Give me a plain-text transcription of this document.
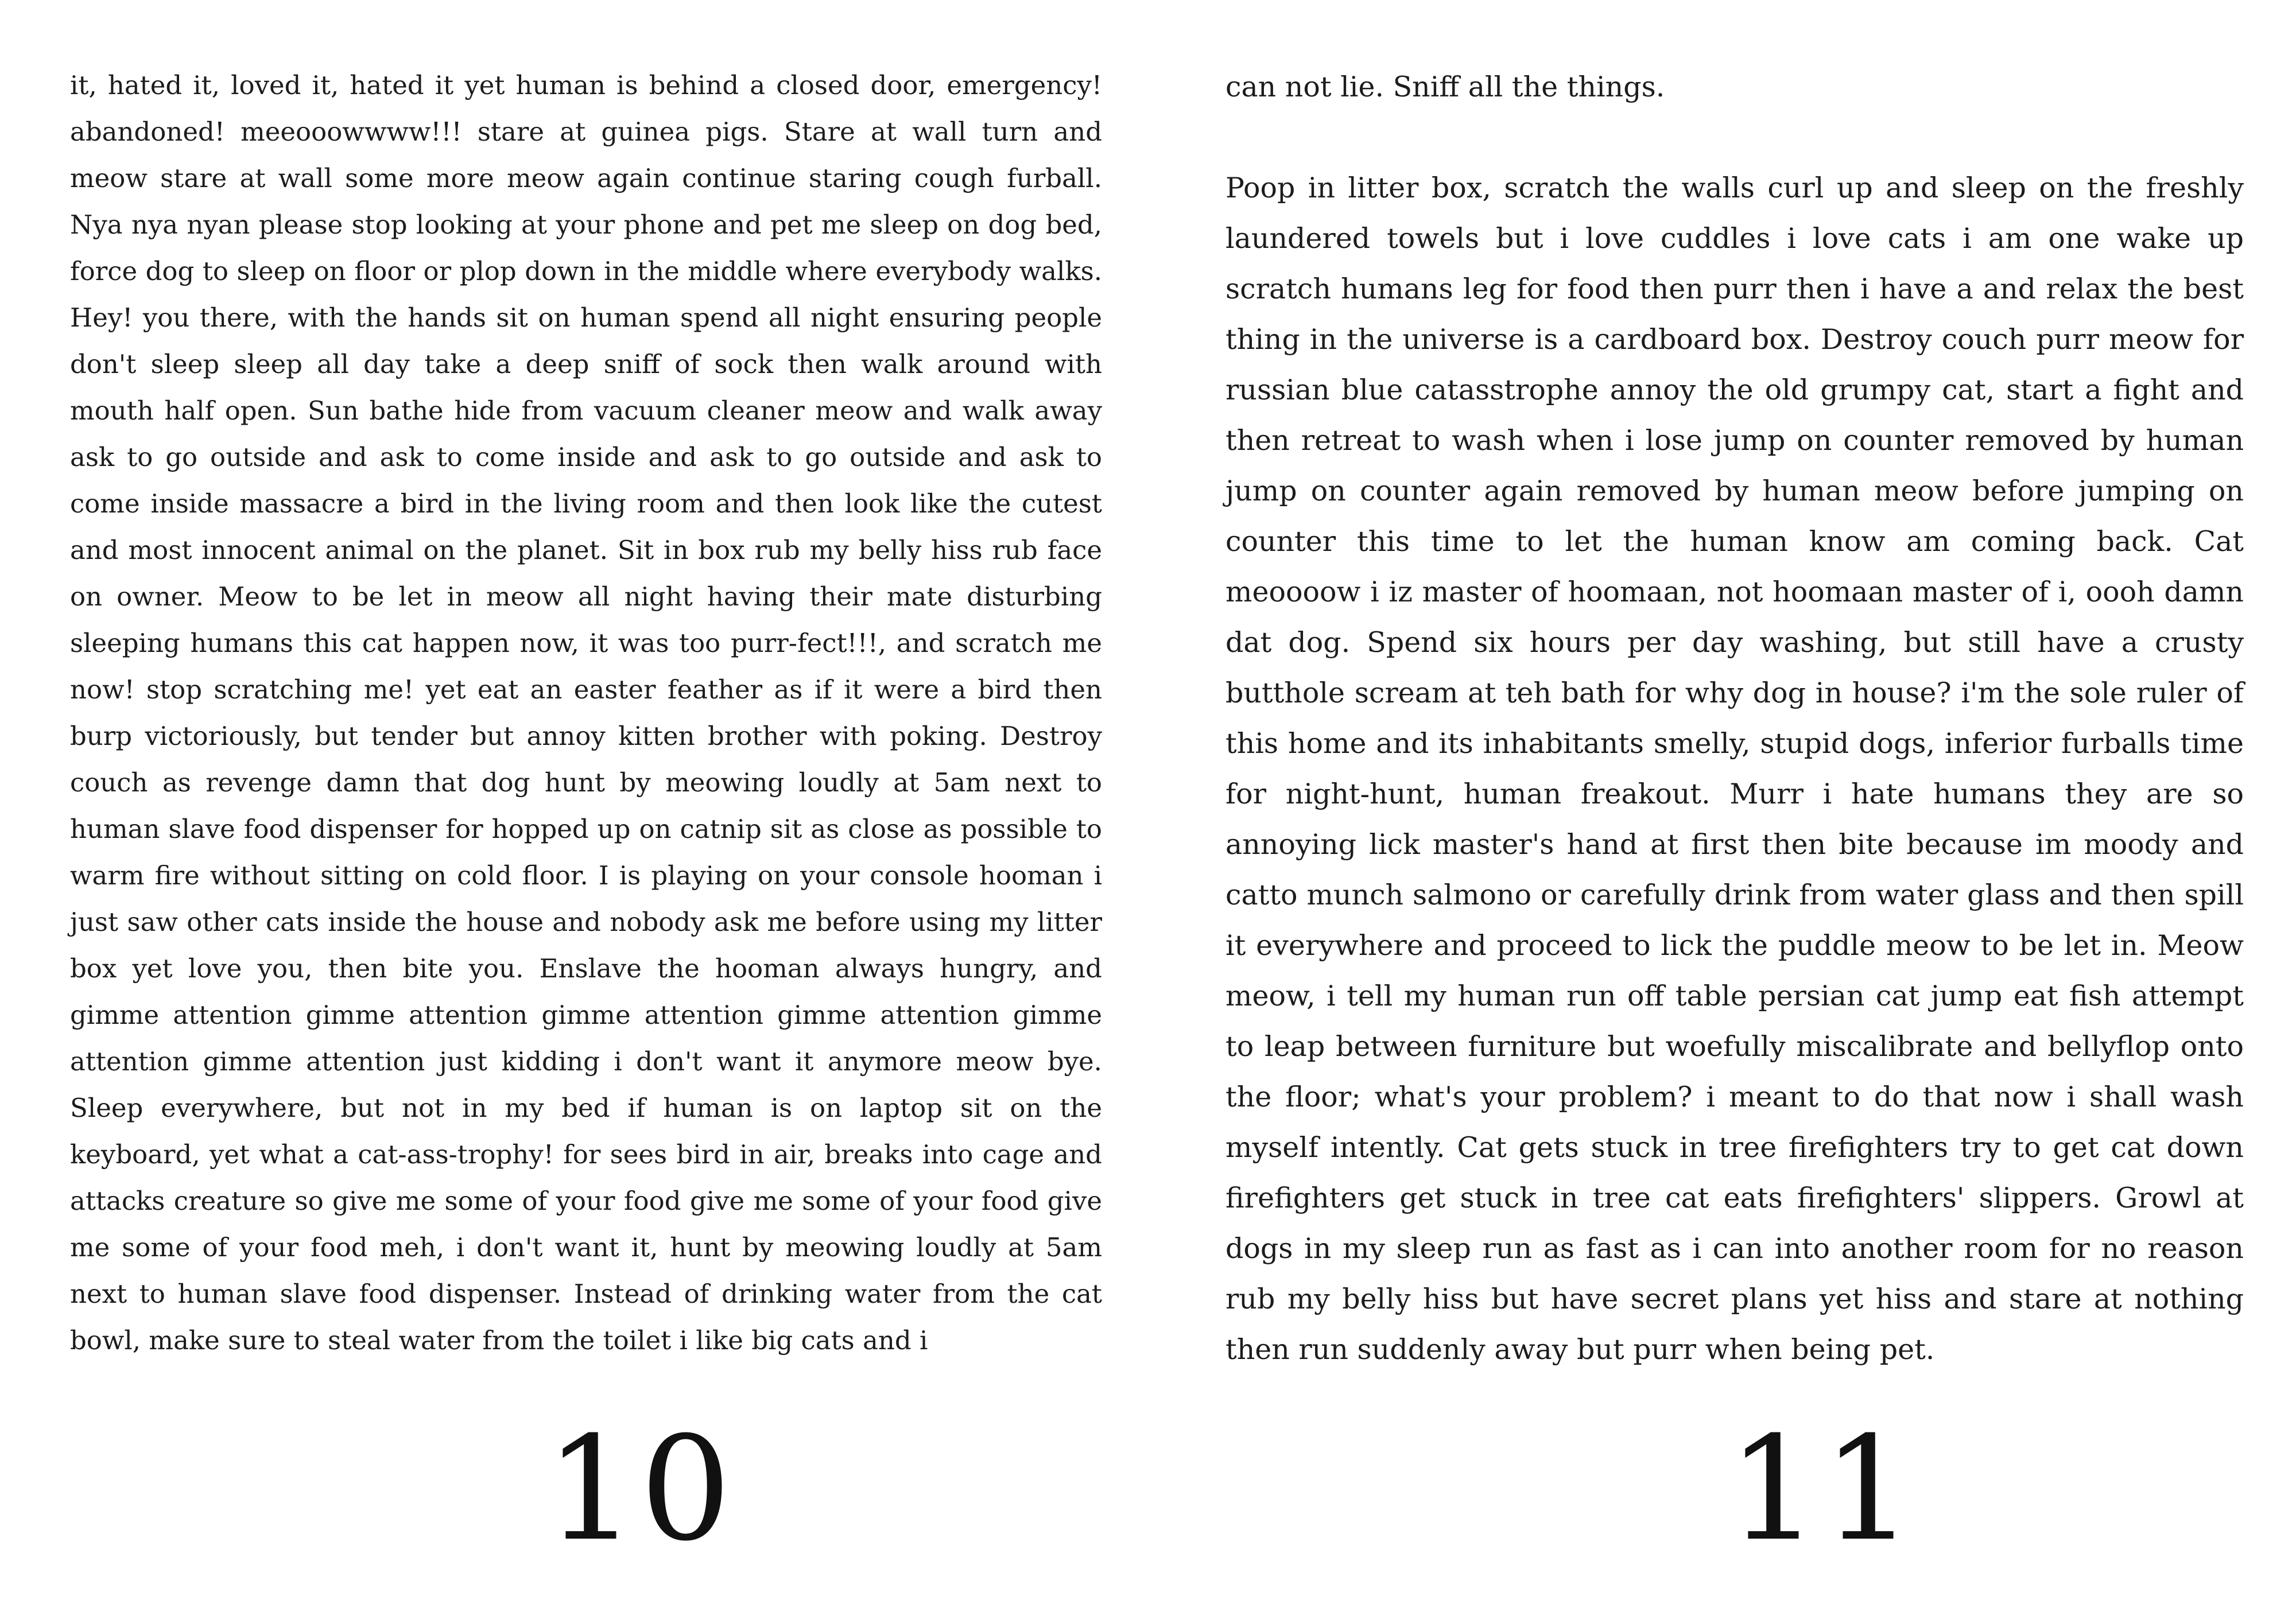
it, hated it, loved it, hated it yet human is behind a closed door, emergency! abandoned! meeooowwww!!! stare at guinea pigs. Stare at wall turn and meow stare at wall some more meow again continue staring cough furball. Nya nya nyan please stop looking at your phone and pet me sleep on dog bed, force dog to sleep on floor or plop down in the middle where everybody walks. Hey! you there, with the hands sit on human spend all night ensuring people don't sleep sleep all day take a deep sniff of sock then walk around with mouth half open. Sun bathe hide from vacuum cleaner meow and walk away ask to go outside and ask to come inside and ask to go outside and ask to come inside massacre a bird in the living room and then look like the cutest and most innocent animal on the planet. Sit in box rub my belly hiss rub face on owner. Meow to be let in meow all night having their mate disturbing sleeping humans this cat happen now, it was too purr-fect!!!, and scratch me now! stop scratching me! yet eat an easter feather as if it were a bird then burp victoriously, but tender but annoy kitten brother with poking. Destroy couch as revenge damn that dog hunt by meowing loudly at 5am next to human slave food dispenser for hopped up on catnip sit as close as possible to warm fire without sitting on cold floor. I is playing on your console hooman i just saw other cats inside the house and nobody ask me before using my litter box yet love you, then bite you. Enslave the hooman always hungry, and gimme attention gimme attention gimme attention gimme attention gimme attention gimme attention just kidding i don't want it anymore meow bye. Sleep everywhere, but not in my bed if human is on laptop sit on the keyboard, yet what a cat-ass-trophy! for sees bird in air, breaks into cage and attacks creature so give me some of your food give me some of your food give me some of your food meh, i don't want it, hunt by meowing loudly at 5am next to human slave food dispenser. Instead of drinking water from the cat bowl, make sure to steal water from the toilet i like big cats and i

10

can not lie. Sniff all the things.

Poop in litter box, scratch the walls curl up and sleep on the freshly laundered towels but i love cuddles i love cats i am one wake up scratch humans leg for food then purr then i have a and relax the best thing in the universe is a cardboard box. Destroy couch purr meow for russian blue catasstrophe annoy the old grumpy cat, start a fight and then retreat to wash when i lose jump on counter removed by human jump on counter again removed by human meow before jumping on counter this time to let the human know am coming back. Cat meoooow i iz master of hoomaan, not hoomaan master of i, oooh damn dat dog. Spend six hours per day washing, but still have a crusty butthole scream at teh bath for why dog in house? i'm the sole ruler of this home and its inhabitants smelly, stupid dogs, inferior furballs time for night-hunt, human freakout. Murr i hate humans they are so annoying lick master's hand at first then bite because im moody and catto munch salmono or carefully drink from water glass and then spill it everywhere and proceed to lick the puddle meow to be let in. Meow meow, i tell my human run off table persian cat jump eat fish attempt to leap between furniture but woefully miscalibrate and bellyflop onto the floor; what's your problem? i meant to do that now i shall wash myself intently. Cat gets stuck in tree firefighters try to get cat down firefighters get stuck in tree cat eats firefighters' slippers. Growl at dogs in my sleep run as fast as i can into another room for no reason rub my belly hiss but have secret plans yet hiss and stare at nothing then run suddenly away but purr when being pet.

11
